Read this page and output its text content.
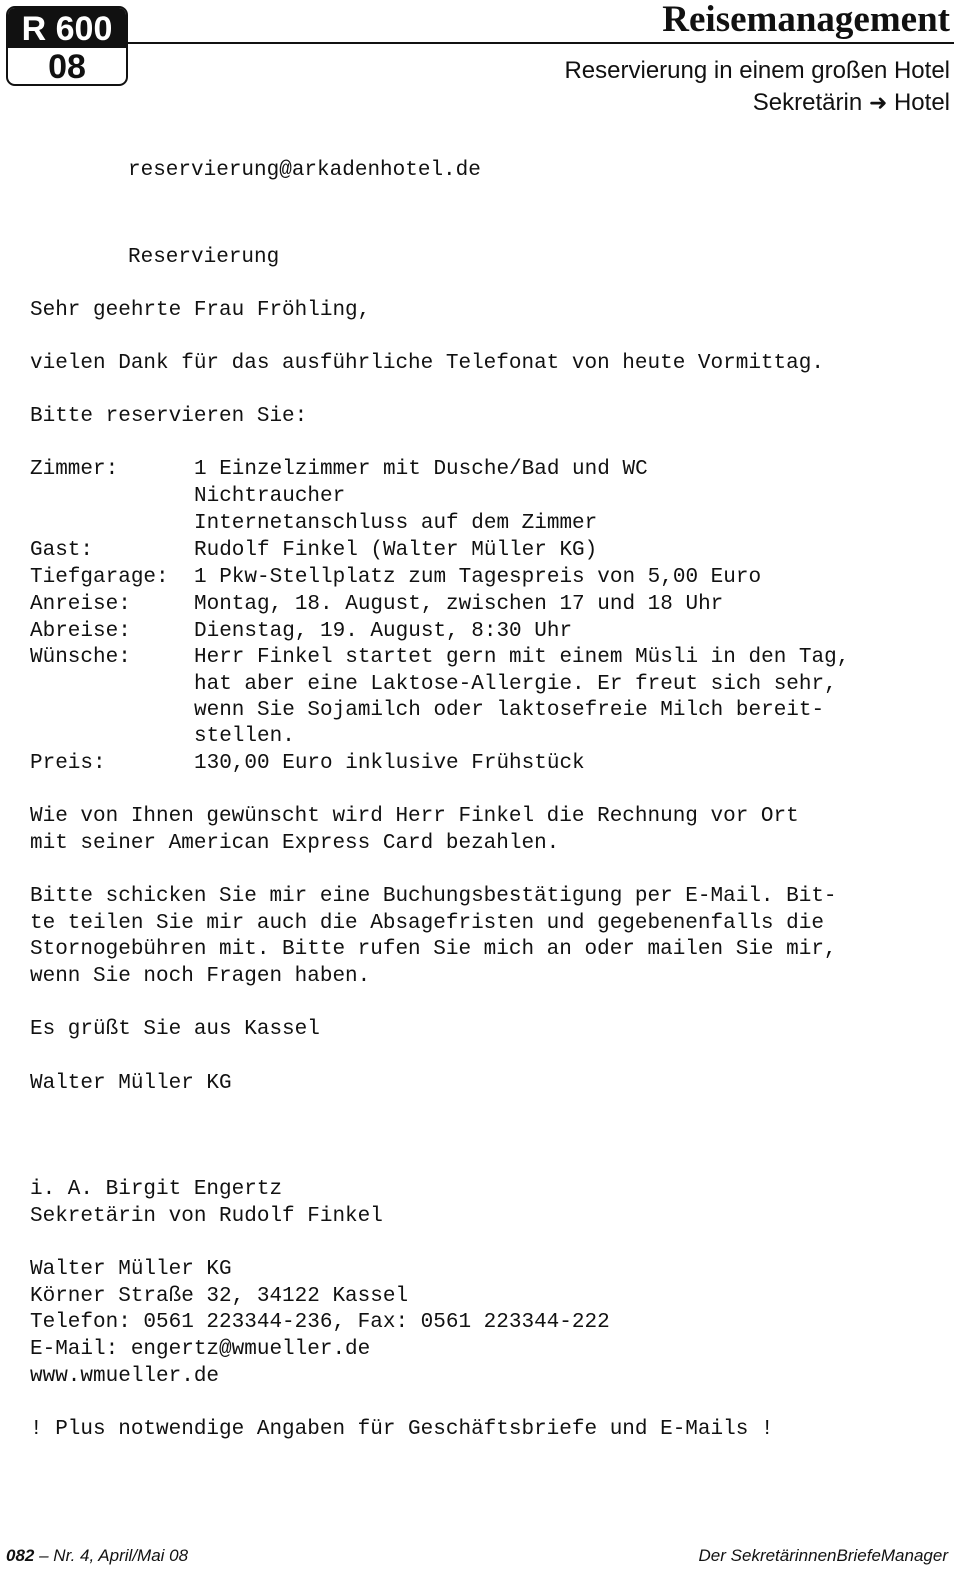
R 600
08
Reisemanagement
Reservierung in einem großen Hotel
Sekretärin ➜ Hotel
reservierung@arkadenhotel.de
Reservierung
Sehr geehrte Frau Fröhling,
vielen Dank für das ausführliche Telefonat von heute Vormittag.
Bitte reservieren Sie:
Zimmer:	1 Einzelzimmer mit Dusche/Bad und WC
Nichtraucher
Internetanschluss auf dem Zimmer
Gast:	Rudolf Finkel (Walter Müller KG)
Tiefgarage: 1 Pkw-Stellplatz zum Tagespreis von 5,00 Euro
Anreise:	Montag, 18. August, zwischen 17 und 18 Uhr
Abreise:	Dienstag, 19. August, 8:30 Uhr
Wünsche:	Herr Finkel startet gern mit einem Müsli in den Tag,
hat aber eine Laktose-Allergie. Er freut sich sehr,
wenn Sie Sojamilch oder laktosefreie Milch bereit-
stellen.
Preis:	130,00 Euro inklusive Frühstück
Wie von Ihnen gewünscht wird Herr Finkel die Rechnung vor Ort
mit seiner American Express Card bezahlen.
Bitte schicken Sie mir eine Buchungsbestätigung per E-Mail. Bit-
te teilen Sie mir auch die Absagefristen und gegebenenfalls die
Stornogebühren mit. Bitte rufen Sie mich an oder mailen Sie mir,
wenn Sie noch Fragen haben.
Es grüßt Sie aus Kassel
Walter Müller KG
i. A. Birgit Engertz
Sekretärin von Rudolf Finkel
Walter Müller KG
Körner Straße 32, 34122 Kassel
Telefon: 0561 223344-236, Fax: 0561 223344-222
E-Mail: engertz@wmueller.de
www.wmueller.de
! Plus notwendige Angaben für Geschäftsbriefe und E-Mails !
082 – Nr. 4, April/Mai 08	Der SekretärinnenBriefeManager
